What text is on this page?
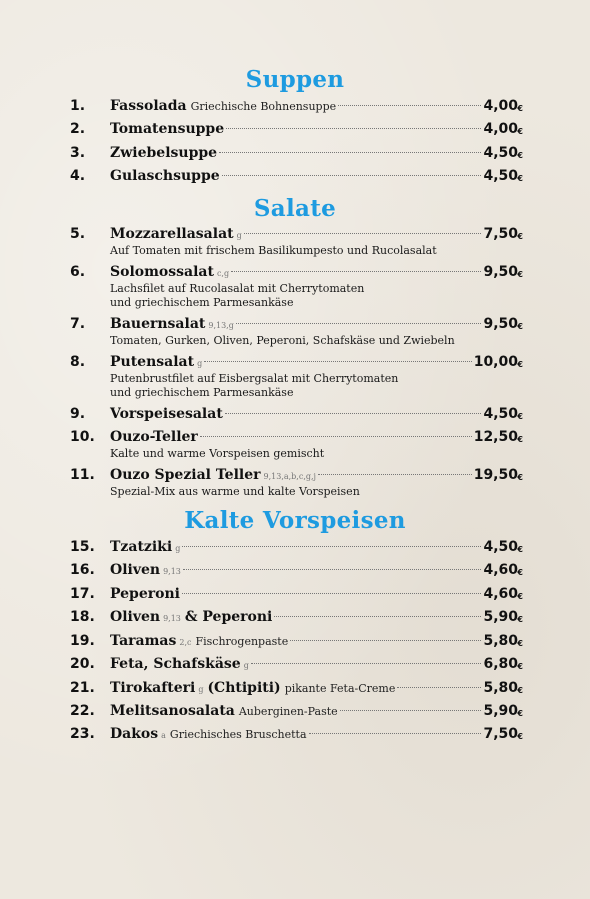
Suppen
1.	Fassolada Griechische Bohnensuppe	4,00 €
2.	Tomatensuppe	4,00 €
3.	Zwiebelsuppe	4,50 €
4.	Gulaschsuppe	4,50 €
Salate
5.	Mozzarellasalat g	7,50 €
Auf Tomaten mit frischem Basilikumpesto und Rucolasalat
6.	Solomossalat c,g	9,50 €
Lachsfilet auf Rucolasalat mit Cherrytomaten
und griechischem Parmesankäse
7.	Bauernsalat 9,13,g	9,50 €
Tomaten, Gurken, Oliven, Peperoni, Schafskäse und Zwiebeln
8.	Putensalat g	10,00 €
Putenbrustfilet auf Eisbergsalat mit Cherrytomaten
und griechischem Parmesankäse
9.	Vorspeisesalat	4,50 €
10.	Ouzo-Teller	12,50 €
Kalte und warme Vorspeisen gemischt
11.	Ouzo Spezial Teller 9,13,a,b,c,g,j	19,50 €
Spezial-Mix aus warme und kalte Vorspeisen
Kalte Vorspeisen
15.	Tzatziki g	4,50 €
16.	Oliven 9,13	4,60 €
17.	Peperoni	4,60 €
18.	Oliven 9,13 & Peperoni	5,90 €
19.	Taramas 2,c Fischrogenpaste	5,80 €
20.	Feta, Schafskäse g	6,80 €
21.	Tirokafteri g (Chtipiti) pikante Feta-Creme	5,80 €
22.	Melitsanosalata Auberginen-Paste	5,90 €
23.	Dakos a Griechisches Bruschetta	7,50 €
